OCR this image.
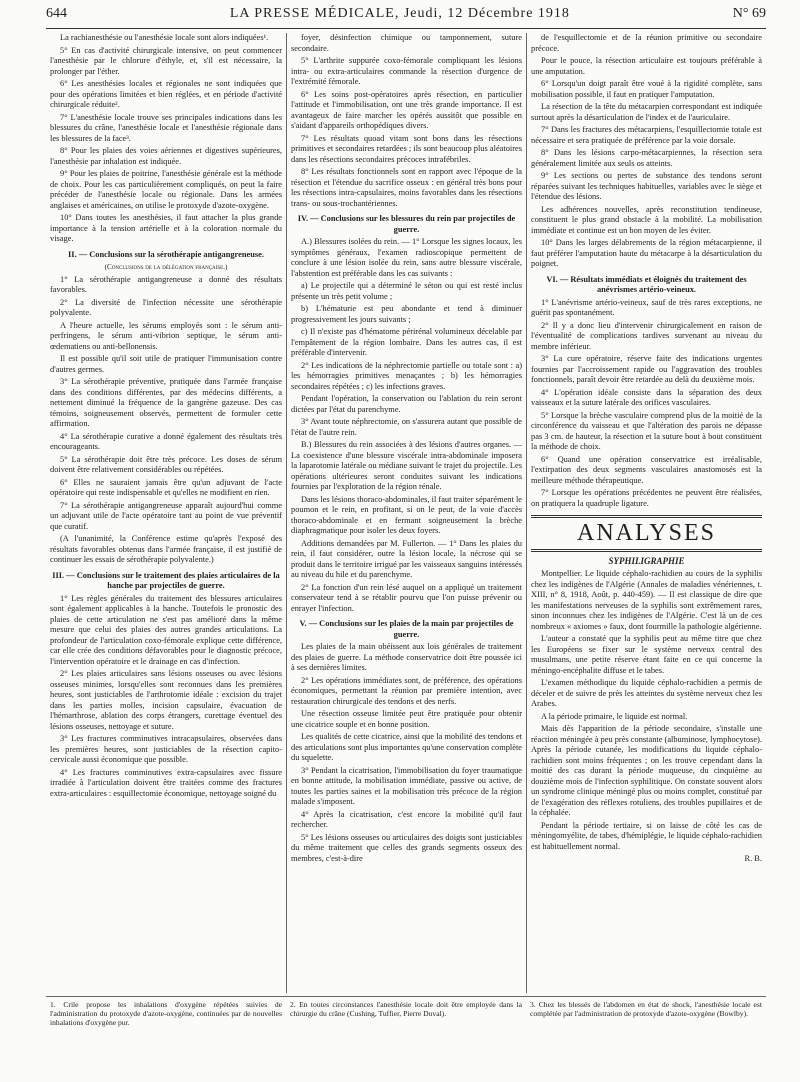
644	LA PRESSE MÉDICALE, Jeudi, 12 Décembre 1918	N° 69

La rachianesthésie ou l'anesthésie locale sont alors indiquées¹.

5° En cas d'activité chirurgicale intensive, on peut commencer l'anesthésie par le chlorure d'éthyle, et, s'il est nécessaire, la prolonger par l'éther.

6° Les anesthésies locales et régionales ne sont indiquées que pour des opérations limitées et bien réglées, et en période d'activité chirurgicale réduite².

7° L'anesthésie locale trouve ses principales indications dans les blessures du crâne, l'anesthésie locale et l'anesthésie régionale dans les blessures de la face³.

8° Pour les plaies des voies aériennes et digestives supérieures, l'anesthésie par inhalation est indiquée.

9° Pour les plaies de poitrine, l'anesthésie générale est la méthode de choix. Pour les cas particulièrement compliqués, on peut la faire précéder de l'anesthésie locale ou régionale. Dans les armées anglaises et américaines, on utilise le protoxyde d'azote-oxygène.

10° Dans toutes les anesthésies, il faut attacher la plus grande importance à la tension artérielle et à la coloration normale du visage.

II. — Conclusions sur la sérothérapie antigangreneuse.

(Conclusions de la délégation française.)

1° La sérothérapie antigangreneuse a donné des résultats favorables.

2° La diversité de l'infection nécessite une sérothérapie polyvalente.

A l'heure actuelle, les sérums employés sont : le sérum anti-perfringens, le sérum anti-vibrion septique, le sérum anti-œdematiens ou anti-bellonensis.

Il est possible qu'il soit utile de pratiquer l'immunisation contre d'autres germes.

3° La sérothérapie préventive, pratiquée dans l'armée française dans des conditions différentes, par des médecins différents, a nettement diminué la fréquence de la gangrène gazeuse. Des cas témoins, soigneusement observés, permettent de formuler cette affirmation.

4° La sérothérapie curative a donné également des résultats très encourageants.

5° La sérothérapie doit être très précoce. Les doses de sérum doivent être relativement considérables ou répétées.

6° Elles ne sauraient jamais être qu'un adjuvant de l'acte opératoire qui reste indispensable et qu'elles ne modifient en rien.

7° La sérothérapie antigangreneuse apparaît aujourd'hui comme un adjuvant utile de l'acte opératoire tant au point de vue préventif que curatif.

(A l'unanimité, la Conférence estime qu'après l'exposé des résultats favorables obtenus dans l'armée française, il est justifié de continuer les essais de sérothérapie polyvalente.)

III. — Conclusions sur le traitement des plaies articulaires de la hanche par projectiles de guerre.

1° Les règles générales du traitement des blessures articulaires sont également applicables à la hanche. Toutefois le pronostic des plaies de cette articulation ne s'est pas amélioré dans la même mesure que celui des plaies des autres grandes articulations. La profondeur de l'articulation coxo-fémorale explique cette différence, car elle crée des conditions défavorables pour le diagnostic précoce, l'intervention opératoire et le drainage en cas d'infection.

2° Les plaies articulaires sans lésions osseuses ou avec lésions osseuses minimes, lorsqu'elles sont reconnues dans les premières heures, sont justiciables de l'arthrotomie idéale : excision du trajet dans les parties molles, incision capsulaire, évacuation de l'hémarthrose, ablation des corps étrangers, curettage éventuel des lésions osseuses, nettoyage et suture.

3° Les fractures comminutives intracapsulaires, observées dans les premières heures, sont justiciables de la résection capito-cervicale aussi économique que possible.

4° Les fractures comminutives extra-capsulaires avec fissure irradiée à l'articulation doivent être traitées comme des fractures extra-articulaires : esquillectomie économique, nettoyage soigné du

foyer, désinfection chimique ou tamponnement, suture secondaire.

5° L'arthrite suppurée coxo-fémorale compliquant les lésions intra- ou extra-articulaires commande la résection d'urgence de l'extrémité fémorale.

6° Les soins post-opératoires après résection, en particulier l'attitude et l'immobilisation, ont une très grande importance. Il est avantageux de faire marcher les opérés aussitôt que possible en s'aidant d'appareils orthopédiques divers.

7° Les résultats quoad vitam sont bons dans les résections primitives et secondaires retardées ; ils sont beaucoup plus aléatoires dans les résections secondaires précoces intrafébriles.

8° Les résultats fonctionnels sont en rapport avec l'époque de la résection et l'étendue du sacrifice osseux : en général très bons pour les résections intra-capsulaires, moins favorables dans les résections trans- ou sous-trochantériennes.

IV. — Conclusions sur les blessures du rein par projectiles de guerre.

A.) Blessures isolées du rein. — 1° Lorsque les signes locaux, les symptômes généraux, l'examen radioscopique permettent de conclure à une lésion isolée du rein, sans autre blessure viscérale, l'abstention est préférable dans les cas suivants :

a) Le projectile qui a déterminé le séton ou qui est resté inclus présente un très petit volume ;

b) L'hématurie est peu abondante et tend à diminuer progressivement les jours suivants ;

c) Il n'existe pas d'hématome périrénal volumineux décelable par l'empâtement de la région lombaire. Dans les autres cas, il est préférable d'intervenir.

2° Les indications de la néphrectomie partielle ou totale sont : a) les hémorragies primitives menaçantes ; b) les hémorragies secondaires répétées ; c) les infections graves.

Pendant l'opération, la conservation ou l'ablation du rein seront dictées par l'état du parenchyme.

3° Avant toute néphrectomie, on s'assurera autant que possible de l'état de l'autre rein.

B.) Blessures du rein associées à des lésions d'autres organes. — La coexistence d'une blessure viscérale intra-abdominale imposera la laparotomie latérale ou médiane suivant le trajet du projectile. Les opérations ultérieures seront conduites suivant les indications fournies par l'exploration de la région rénale.

Dans les lésions thoraco-abdominales, il faut traiter séparément le poumon et le rein, en profitant, si on le peut, de la voie d'accès thoraco-abdominale et en fermant soigneusement la brèche diaphragmatique pour isoler les deux foyers.

Additions demandées par M. Fullerton. — 1° Dans les plaies du rein, il faut considérer, outre la lésion locale, la nécrose qui se produit dans le territoire irrigué par les vaisseaux sanguins intéressés au niveau du hile et du parenchyme.

2° La fonction d'un rein lésé auquel on a appliqué un traitement conservateur tend à se rétablir pourvu que l'on puisse prévenir ou enrayer l'infection.

V. — Conclusions sur les plaies de la main par projectiles de guerre.

Les plaies de la main obéissent aux lois générales de traitement des plaies de guerre. La méthode conservatrice doit être poussée ici à ses dernières limites.

2° Les opérations immédiates sont, de préférence, des opérations économiques, permettant la réunion par première intention, avec restauration chirurgicale des tendons et des nerfs.

Une résection osseuse limitée peut être pratiquée pour obtenir une cicatrice souple et en bonne position.

Les qualités de cette cicatrice, ainsi que la mobilité des tendons et des articulations sont plus importantes qu'une conservation complète du squelette.

3° Pendant la cicatrisation, l'immobilisation du foyer traumatique en bonne attitude, la mobilisation immédiate, passive ou active, de toutes les parties saines et la mobilisation très précoce de la région malade s'imposent.

4° Après la cicatrisation, c'est encore la mobilité qu'il faut rechercher.

5° Les lésions osseuses ou articulaires des doigts sont justiciables du même traitement que celles des grands segments osseux des membres, c'est-à-dire

de l'esquillectomie et de la réunion primitive ou secondaire précoce.

Pour le pouce, la résection articulaire est toujours préférable à une amputation.

6° Lorsqu'un doigt paraît être voué à la rigidité complète, sans mobilisation possible, il faut en pratiquer l'amputation.

La résection de la tête du métacarpien correspondant est indiquée surtout après la désarticulation de l'index et de l'auriculaire.

7° Dans les fractures des métacarpiens, l'esquillectomie totale est nécessaire et sera pratiquée de préférence par la voie dorsale.

8° Dans les lésions carpo-métacarpiennes, la résection sera généralement limitée aux seuls os atteints.

9° Les sections ou pertes de substance des tendons seront réparées suivant les techniques habituelles, variables avec le siège et l'étendue des lésions.

Les adhérences nouvelles, après reconstitution tendineuse, constituent le plus grand obstacle à la mobilité. La mobilisation immédiate et continue est un bon moyen de les éviter.

10° Dans les larges délabrements de la région métacarpienne, il faut préférer l'amputation haute du métacarpe à la désarticulation du poignet.

VI. — Résultats immédiats et éloignés du traitement des anévrismes artério-veineux.

1° L'anévrisme artério-veineux, sauf de très rares exceptions, ne guérit pas spontanément.

2° Il y a donc lieu d'intervenir chirurgicalement en raison de l'éventualité de complications tardives survenant au niveau du membre inférieur.

3° La cure opératoire, réserve faite des indications urgentes fournies par l'accroissement rapide ou l'aggravation des troubles fonctionnels, paraît devoir être retardée au delà du deuxième mois.

4° L'opération idéale consiste dans la séparation des deux vaisseaux et la suture latérale des orifices vasculaires.

5° Lorsque la brèche vasculaire comprend plus de la moitié de la circonférence du vaisseau et que l'altération des parois ne dépasse pas 3 cm. de hauteur, la résection et la suture bout à bout constituent la méthode de choix.

6° Quand une opération conservatrice est irréalisable, l'extirpation des deux segments vasculaires anastomosés est la meilleure méthode thérapeutique.

7° Lorsque les opérations précédentes ne peuvent être réalisées, on pratiquera la quadruple ligature.

ANALYSES
SYPHILIGRAPHIE

Montpellier. Le liquide céphalo-rachidien au cours de la syphilis chez les indigènes de l'Algérie (Annales de maladies vénériennes, t. XIII, n° 8, 1918, Août, p. 440-459). — Il est classique de dire que les manifestations nerveuses de la syphilis sont extrêmement rares, sinon inconnues chez les indigènes de l'Algérie. C'est là un de ces nombreux « axiomes » faux, dont fourmille la pathologie algérienne.

L'auteur a constaté que la syphilis peut au même titre que chez les Européens se fixer sur le système nerveux central des musulmans, une petite réserve étant faite en ce qui concerne la méningo-encéphalite diffuse et le tabes.

L'examen méthodique du liquide céphalo-rachidien a permis de déceler et de suivre de près les atteintes du système nerveux chez les Arabes.

A la période primaire, le liquide est normal.

Mais dès l'apparition de la période secondaire, s'installe une réaction méningée à peu près constante (albuminose, lymphocytose). Après la période cutanée, les modifications du liquide céphalo-rachidien sont moins fréquentes ; on les trouve cependant dans la moitié des cas durant la période muqueuse, du cinquième au douzième mois de l'infection syphilitique. On constate souvent alors un syndrome clinique méningé plus ou moins complet, constitué par de l'exagération des réflexes rotuliens, des troubles pupillaires et de la céphalée.

Pendant la période tertiaire, si on laisse de côté les cas de méningomyélite, de tabes, d'hémiplégie, le liquide céphalo-rachidien est habituellement normal.

R. B.

1. Crile propose les inhalations d'oxygène répétées suivies de l'administration du protoxyde d'azote-oxygène, continuées par de nouvelles inhalations d'oxygène pur.
2. En toutes circonstances l'anesthésie locale doit être employée dans la chirurgie du crâne (Cushing, Tuffier, Pierre Duval).
3. Chez les blessés de l'abdomen en état de shock, l'anesthésie locale est complétée par l'administration de protoxyde d'azote-oxygène (Bowlby).
